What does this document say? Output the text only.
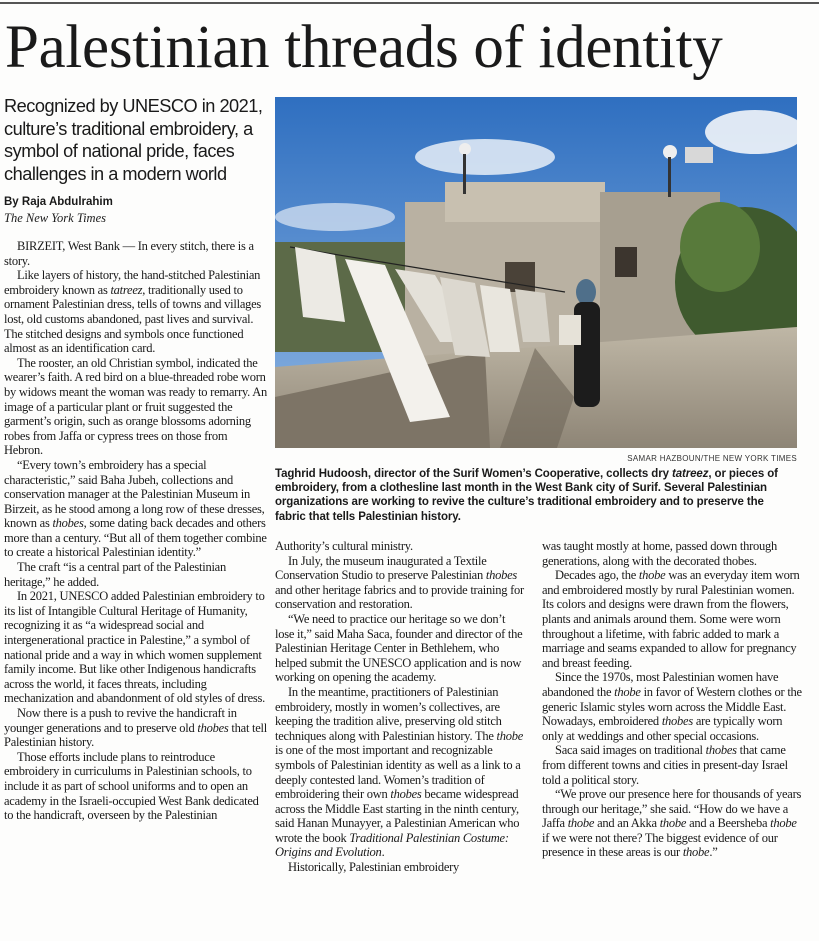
Palestinian threads of identity
Recognized by UNESCO in 2021, culture’s traditional embroidery, a symbol of national pride, faces challenges in a modern world
By Raja Abdulrahim
The New York Times
SAMAR HAZBOUN/THE NEW YORK TIMES
Taghrid Hudoosh, director of the Surif Women’s Cooperative, collects dry tatreez, or pieces of embroidery, from a clothesline last month in the West Bank city of Surif. Several Palestinian organizations are working to revive the culture’s traditional embroidery and to preserve the fabric that tells Palestinian history.

BIRZEIT, West Bank — In every stitch, there is a story.

Like layers of history, the hand-stitched Palestinian embroidery known as tatreez, traditionally used to ornament Palestinian dress, tells of towns and villages lost, old customs abandoned, past lives and survival. The stitched designs and symbols once functioned almost as an identification card.

The rooster, an old Christian symbol, indicated the wearer’s faith. A red bird on a blue-threaded robe worn by widows meant the woman was ready to remarry. An image of a particular plant or fruit suggested the garment’s origin, such as orange blossoms adorning robes from Jaffa or cypress trees on those from Hebron.

“Every town’s embroidery has a special characteristic,” said Baha Jubeh, collections and conservation manager at the Palestinian Museum in Birzeit, as he stood among a long row of these dresses, known as thobes, some dating back decades and others more than a century. “But all of them together combine to create a historical Palestinian identity.”

The craft “is a central part of the Palestinian heritage,” he added.

In 2021, UNESCO added Palestinian embroidery to its list of Intangible Cultural Heritage of Humanity, recognizing it as “a widespread social and intergenerational practice in Palestine,” a symbol of national pride and a way in which women supplement family income. But like other Indigenous handicrafts across the world, it faces threats, including mechanization and abandonment of old styles of dress.

Now there is a push to revive the handicraft in younger generations and to preserve old thobes that tell Palestinian history.

Those efforts include plans to reintroduce embroidery in curriculums in Palestinian schools, to include it as part of school uniforms and to open an academy in the Israeli-occupied West Bank dedicated to the handicraft, overseen by the Palestinian

Authority’s cultural ministry.

In July, the museum inaugurated a Textile Conservation Studio to preserve Palestinian thobes and other heritage fabrics and to provide training for conservation and restoration.

“We need to practice our heritage so we don’t lose it,” said Maha Saca, founder and director of the Palestinian Heritage Center in Bethlehem, who helped submit the UNESCO application and is now working on opening the academy.

In the meantime, practitioners of Palestinian embroidery, mostly in women’s collectives, are keeping the tradition alive, preserving old stitch techniques along with Palestinian history. The thobe is one of the most important and recognizable symbols of Palestinian identity as well as a link to a deeply contested land. Women’s tradition of embroidering their own thobes became widespread across the Middle East starting in the ninth century, said Hanan Munayyer, a Palestinian American who wrote the book Traditional Palestinian Costume: Origins and Evolution.

Historically, Palestinian embroidery

was taught mostly at home, passed down through generations, along with the decorated thobes.

Decades ago, the thobe was an everyday item worn and embroidered mostly by rural Palestinian women. Its colors and designs were drawn from the flowers, plants and animals around them. Some were worn throughout a lifetime, with fabric added to mark a marriage and seams expanded to allow for pregnancy and breast feeding.

Since the 1970s, most Palestinian women have abandoned the thobe in favor of Western clothes or the generic Islamic styles worn across the Middle East. Nowadays, embroidered thobes are typically worn only at weddings and other special occasions.

Saca said images on traditional thobes that came from different towns and cities in present-day Israel told a political story.

“We prove our presence here for thousands of years through our heritage,” she said. “How do we have a Jaffa thobe and an Akka thobe and a Beersheba thobe if we were not there? The biggest evidence of our presence in these areas is our thobe.”
